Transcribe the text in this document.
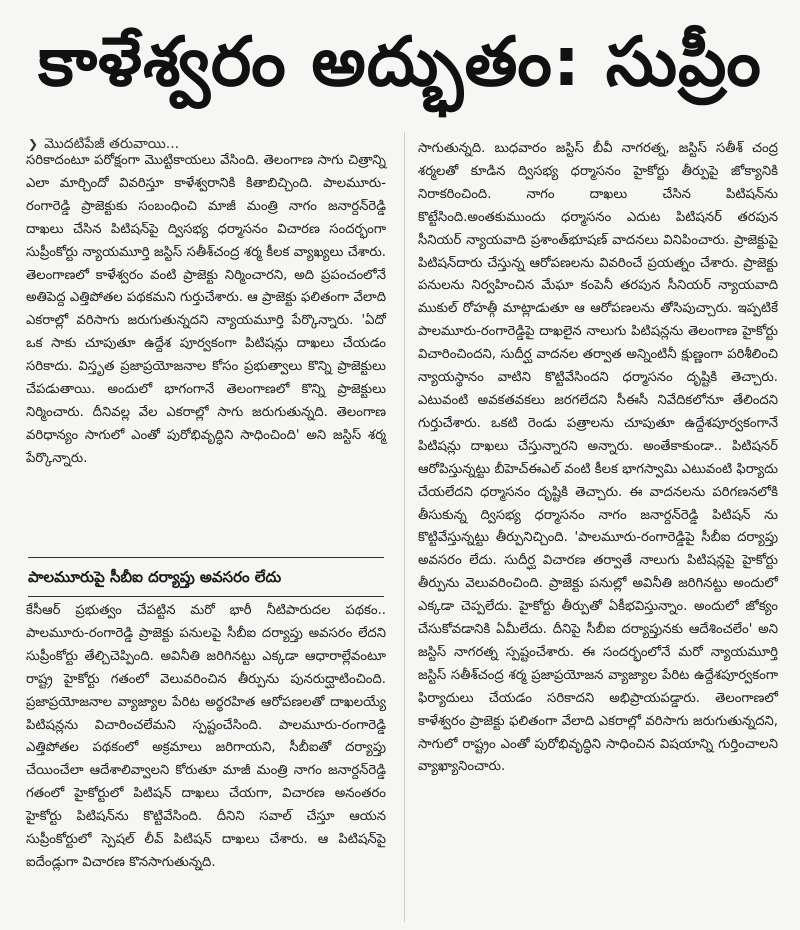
కాళేశ్వరం అద్భుతం: సుప్రీం
❯ మొదటిపేజీ తరువాయి...

సరికాదంటూ పరోక్షంగా మొట్టికాయలు వేసింది. తెలంగాణ సాగు చిత్రాన్ని ఎలా మార్చిందో వివరిస్తూ కాళేశ్వరానికి కితాబిచ్చింది. పాలమూరు-రంగారెడ్డి ప్రాజెక్టుకు సంబంధించి మాజీ మంత్రి నాగం జనార్దన్‌రెడ్డి దాఖలు చేసిన పిటిషన్‌పై ద్విసభ్య ధర్మాసనం విచారణ సందర్భంగా సుప్రీంకోర్టు న్యాయమూర్తి జస్టిస్ సతీశ్‌చంద్ర శర్మ కీలక వ్యాఖ్యలు చేశారు. తెలంగాణలో కాళేశ్వరం వంటి ప్రాజెక్టు నిర్మించారని, అది ప్రపంచంలోనే అతిపెద్ద ఎత్తిపోతల పథకమని గుర్తుచేశారు. ఆ ప్రాజెక్టు ఫలితంగా వేలాది ఎకరాల్లో వరిసాగు జరుగుతున్నదని న్యాయమూర్తి పేర్కొన్నారు. 'ఏదో ఒక సాకు చూపుతూ ఉద్దేశ పూర్వకంగా పిటిషన్లు దాఖలు చేయడం సరికాదు. విస్తృత ప్రజాప్రయోజనాల కోసం ప్రభుత్వాలు కొన్ని ప్రాజెక్టులు చేపడుతాయి. అందులో భాగంగానే తెలంగాణలో కొన్ని ప్రాజెక్టులు నిర్మించారు. దీనివల్ల వేల ఎకరాల్లో సాగు జరుగుతున్నది. తెలంగాణ వరిధాన్యం సాగులో ఎంతో పురోభివృద్ధిని సాధించింది' అని జస్టిస్ శర్మ పేర్కొన్నారు.

పాలమూరుపై సీబీఐ దర్యాప్తు అవసరం లేదు

కేసీఆర్ ప్రభుత్వం చేపట్టిన మరో భారీ నీటిపారుదల పథకం.. పాలమూరు-రంగారెడ్డి ప్రాజెక్టు పనులపై సీబీఐ దర్యాప్తు అవసరం లేదని సుప్రీంకోర్టు తేల్చిచెప్పింది. అవినీతి జరిగినట్టు ఎక్కడా ఆధారాల్లేవంటూ రాష్ట్ర హైకోర్టు గతంలో వెలువరించిన తీర్పును పునరుద్ఘాటించింది. ప్రజాప్రయోజనాల వ్యాజ్యాల పేరిట అర్థరహిత ఆరోపణలతో దాఖలయ్యే పిటిషన్లను విచారించలేమని స్పష్టంచేసింది. పాలమూరు-రంగారెడ్డి ఎత్తిపోతల పథకంలో అక్రమాలు జరిగాయని, సీబీఐతో దర్యాప్తు చేయించేలా ఆదేశాలివ్వాలని కోరుతూ మాజీ మంత్రి నాగం జనార్దన్‌రెడ్డి గతంలో హైకోర్టులో పిటిషన్ దాఖలు చేయగా, విచారణ అనంతరం హైకోర్టు పిటిషన్‌ను కొట్టివేసింది. దీనిని సవాల్ చేస్తూ ఆయన సుప్రీంకోర్టులో స్పెషల్ లీవ్ పిటిషన్ దాఖలు చేశారు. ఆ పిటిషన్‌పై ఐదేండ్లుగా విచారణ కొనసాగుతున్నది.

సాగుతున్నది. బుధవారం జస్టిస్ బీవీ నాగరత్న, జస్టిస్ సతీశ్ చంద్ర శర్మలతో కూడిన ద్విసభ్య ధర్మాసనం హైకోర్టు తీర్పుపై జోక్యానికి నిరాకరించింది. నాగం దాఖలు చేసిన పిటిషన్‌ను కొట్టేసింది.అంతకుముందు ధర్మాసనం ఎదుట పిటిషనర్ తరపున సీనియర్ న్యాయవాది ప్రశాంత్‌భూషణ్ వాదనలు వినిపించారు. ప్రాజెక్టుపై పిటిషన్‌దారు చేస్తున్న ఆరోపణలను వివరించే ప్రయత్నం చేశారు. ప్రాజెక్టు పనులను నిర్వహించిన మేఘా కంపెనీ తరపున సీనియర్ న్యాయవాది ముకుల్ రోహత్గీ మాట్లాడుతూ ఆ ఆరోపణలను తోసిపుచ్చారు. ఇప్పటికే పాలమూరు-రంగారెడ్డిపై దాఖలైన నాలుగు పిటిషన్లను తెలంగాణ హైకోర్టు విచారించిందని, సుదీర్ఘ వాదనల తర్వాత అన్నింటినీ క్షుణ్ణంగా పరిశీలించి న్యాయస్థానం వాటిని కొట్టివేసిందని ధర్మాసనం దృష్టికి తెచ్చారు. ఎటువంటి అవకతవకలు జరగలేదని సీఈసీ నివేదికలోనూ తేలిందని గుర్తుచేశారు. ఒకటి రెండు పత్రాలను చూపుతూ ఉద్దేశపూర్వకంగానే పిటిషన్లు దాఖలు చేస్తున్నారని అన్నారు. అంతేకాకుండా.. పిటిషనర్ ఆరోపిస్తున్నట్టు బీహెచ్ఈఎల్ వంటి కీలక భాగస్వామి ఎటువంటి ఫిర్యాదు చేయలేదని ధర్మాసనం దృష్టికి తెచ్చారు. ఈ వాదనలను పరిగణనలోకి తీసుకున్న ద్విసభ్య ధర్మాసనం నాగం జనార్దన్‌రెడ్డి పిటిషన్ ను కొట్టివేస్తున్నట్టు తీర్పునిచ్చింది. 'పాలమూరు-రంగారెడ్డిపై సీబీఐ దర్యాప్తు అవసరం లేదు. సుదీర్ఘ విచారణ తర్వాతే నాలుగు పిటిషన్లపై హైకోర్టు తీర్పును వెలువరించింది. ప్రాజెక్టు పనుల్లో అవినీతి జరిగినట్టు అందులో ఎక్కడా చెప్పలేదు. హైకోర్టు తీర్పుతో ఏకీభవిస్తున్నాం. అందులో జోక్యం చేసుకోవడానికి ఏమీలేదు. దీనిపై సీబీఐ దర్యాప్తునకు ఆదేశించలేం' అని జస్టిస్ నాగరత్న స్పష్టంచేశారు. ఈ సందర్భంలోనే మరో న్యాయమూర్తి జస్టిస్ సతీశ్‌చంద్ర శర్మ ప్రజాప్రయోజన వ్యాజ్యాల పేరిట ఉద్దేశపూర్వకంగా ఫిర్యాదులు చేయడం సరికాదని అభిప్రాయపడ్డారు. తెలంగాణలో కాళేశ్వరం ప్రాజెక్టు ఫలితంగా వేలాది ఎకరాల్లో వరిసాగు జరుగుతున్నదని, సాగులో రాష్ట్రం ఎంతో పురోభివృద్ధిని సాధించిన విషయాన్ని గుర్తించాలని వ్యాఖ్యానించారు.
